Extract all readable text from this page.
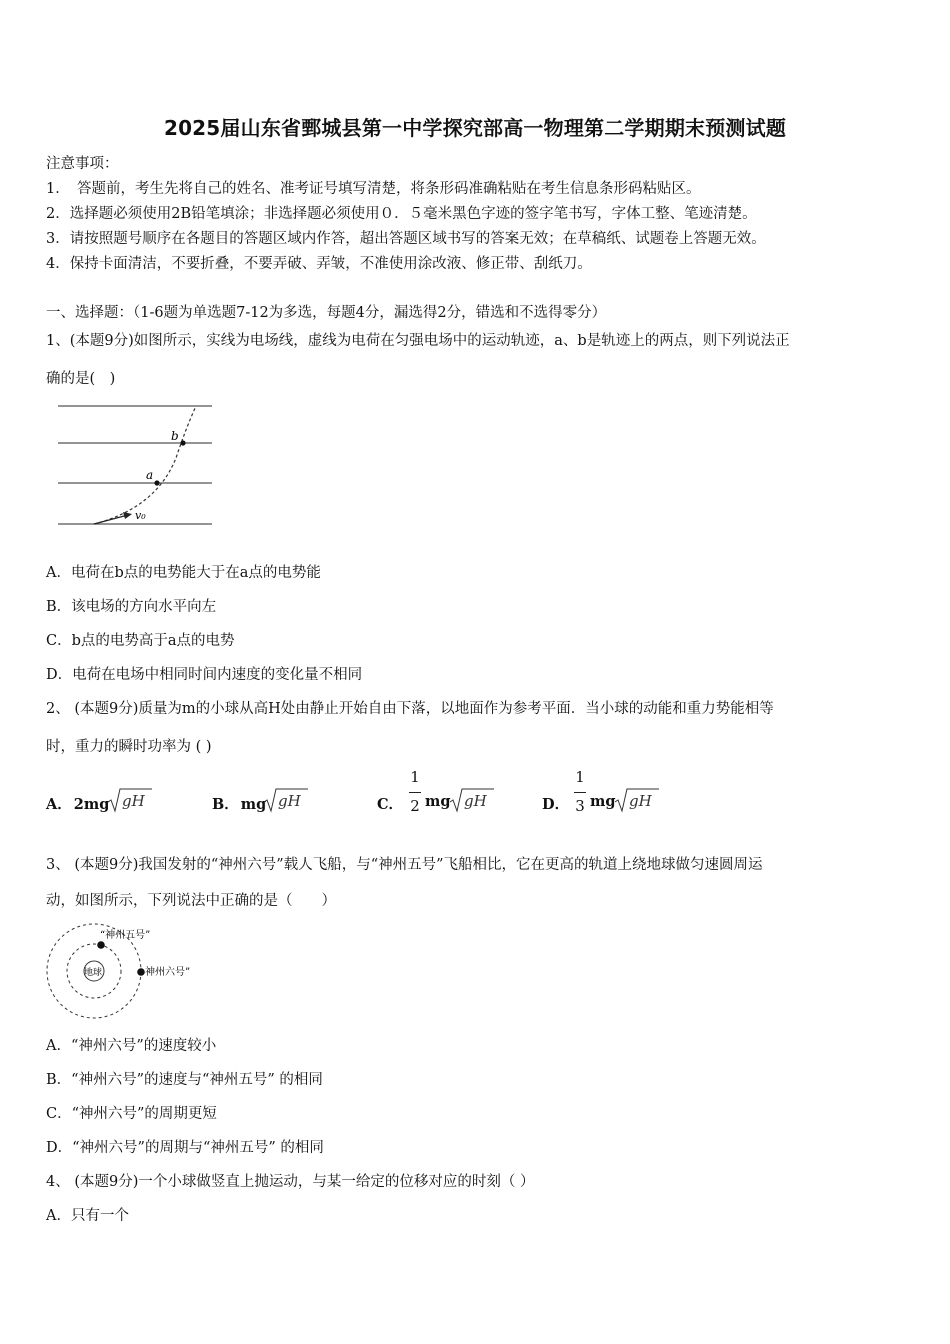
2025届山东省鄄城县第一中学探究部高一物理第二学期期末预测试题
注意事项：
1．　答题前，考生先将自己的姓名、准考证号填写清楚，将条形码准确粘贴在考生信息条形码粘贴区。
2．选择题必须使用2B铅笔填涂；非选择题必须使用０．５毫米黑色字迹的签字笔书写，字体工整、笔迹清楚。
3．请按照题号顺序在各题目的答题区域内作答，超出答题区域书写的答案无效；在草稿纸、试题卷上答题无效。
4．保持卡面清洁，不要折叠，不要弄破、弄皱，不准使用涂改液、修正带、刮纸刀。
一、选择题：（1-6题为单选题7-12为多选，每题4分，漏选得2分，错选和不选得零分）
1、(本题9分)如图所示，实线为电场线，虚线为电荷在匀强电场中的运动轨迹，a、b是轨迹上的两点，则下列说法正
确的是(　)
b
a
v₀
A．电荷在b点的电势能大于在a点的电势能
B．该电场的方向水平向左
C．b点的电势高于a点的电势
D．电荷在电场中相同时间内速度的变化量不相同
2、 (本题9分)质量为m的小球从高H处由静止开始自由下落，以地面作为参考平面．当小球的动能和重力势能相等
时，重力的瞬时功率为 ( )
A． 2mg gH	B． mg gH	C．
1
2 mg gH	D．
1
3 mg gH
3、 (本题9分)我国发射的“神州六号”载人飞船，与“神州五号”飞船相比，它在更高的轨道上绕地球做匀速圆周运
动，如图所示，下列说法中正确的是（　　）
地球
“神州五号”
神州六号”
A．“神州六号”的速度较小
B．“神州六号”的速度与“神州五号” 的相同
C．“神州六号”的周期更短
D．“神州六号”的周期与“神州五号” 的相同
4、 (本题9分)一个小球做竖直上抛运动，与某一给定的位移对应的时刻（ ）
A．只有一个
